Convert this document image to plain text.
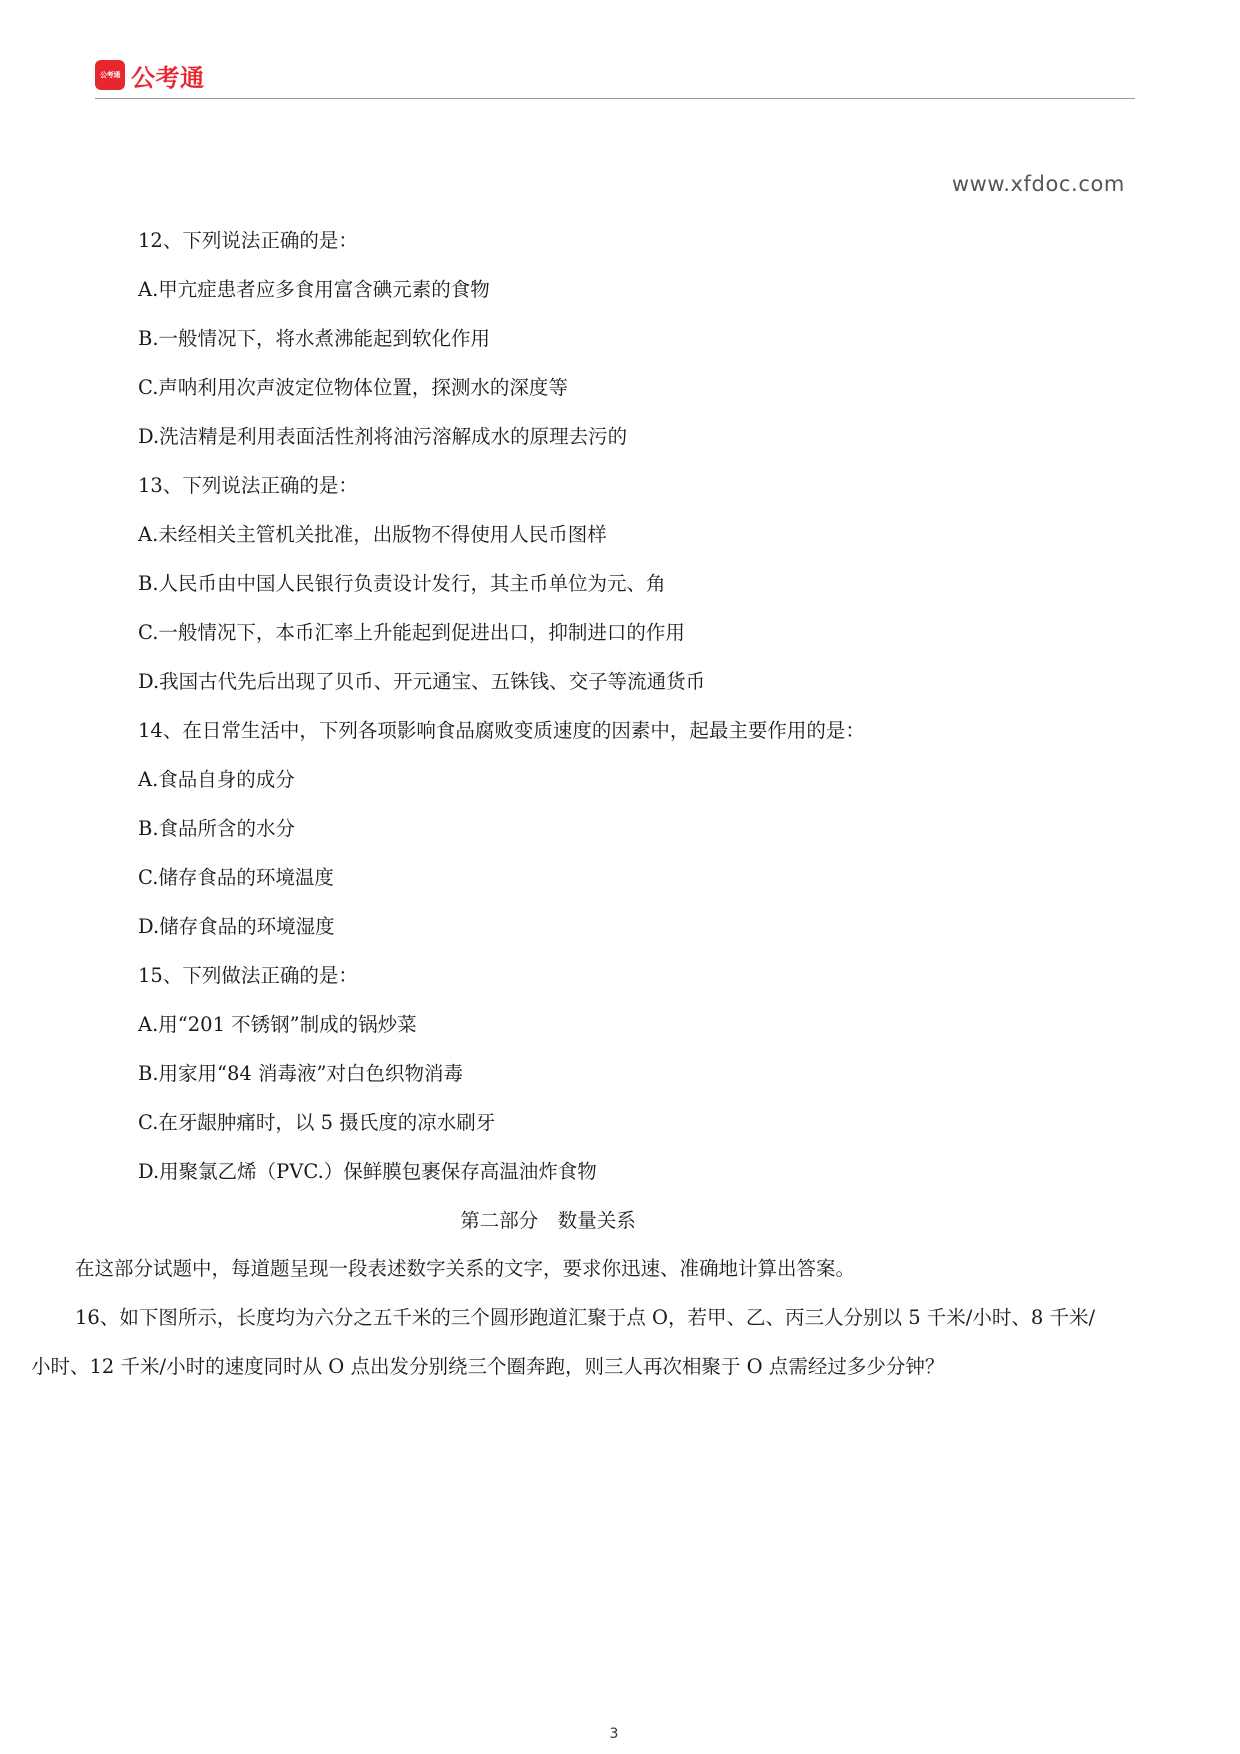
公考通 公考通
www.xfdoc.com
12、下列说法正确的是：
A.甲亢症患者应多食用富含碘元素的食物
B.一般情况下，将水煮沸能起到软化作用
C.声呐利用次声波定位物体位置，探测水的深度等
D.洗洁精是利用表面活性剂将油污溶解成水的原理去污的
13、下列说法正确的是：
A.未经相关主管机关批准，出版物不得使用人民币图样
B.人民币由中国人民银行负责设计发行，其主币单位为元、角
C.一般情况下，本币汇率上升能起到促进出口，抑制进口的作用
D.我国古代先后出现了贝币、开元通宝、五铢钱、交子等流通货币
14、在日常生活中，下列各项影响食品腐败变质速度的因素中，起最主要作用的是：
A.食品自身的成分
B.食品所含的水分
C.储存食品的环境温度
D.储存食品的环境湿度
15、下列做法正确的是：
A.用“201 不锈钢”制成的锅炒菜
B.用家用“84 消毒液”对白色织物消毒
C.在牙龈肿痛时，以 5 摄氏度的凉水刷牙
D.用聚氯乙烯（PVC.）保鲜膜包裹保存高温油炸食物
第二部分　数量关系
在这部分试题中，每道题呈现一段表述数字关系的文字，要求你迅速、准确地计算出答案。
16、如下图所示，长度均为六分之五千米的三个圆形跑道汇聚于点 O，若甲、乙、丙三人分别以 5 千米/小时、8 千米/小时、12 千米/小时的速度同时从 O 点出发分别绕三个圈奔跑，则三人再次相聚于 O 点需经过多少分钟？
3
